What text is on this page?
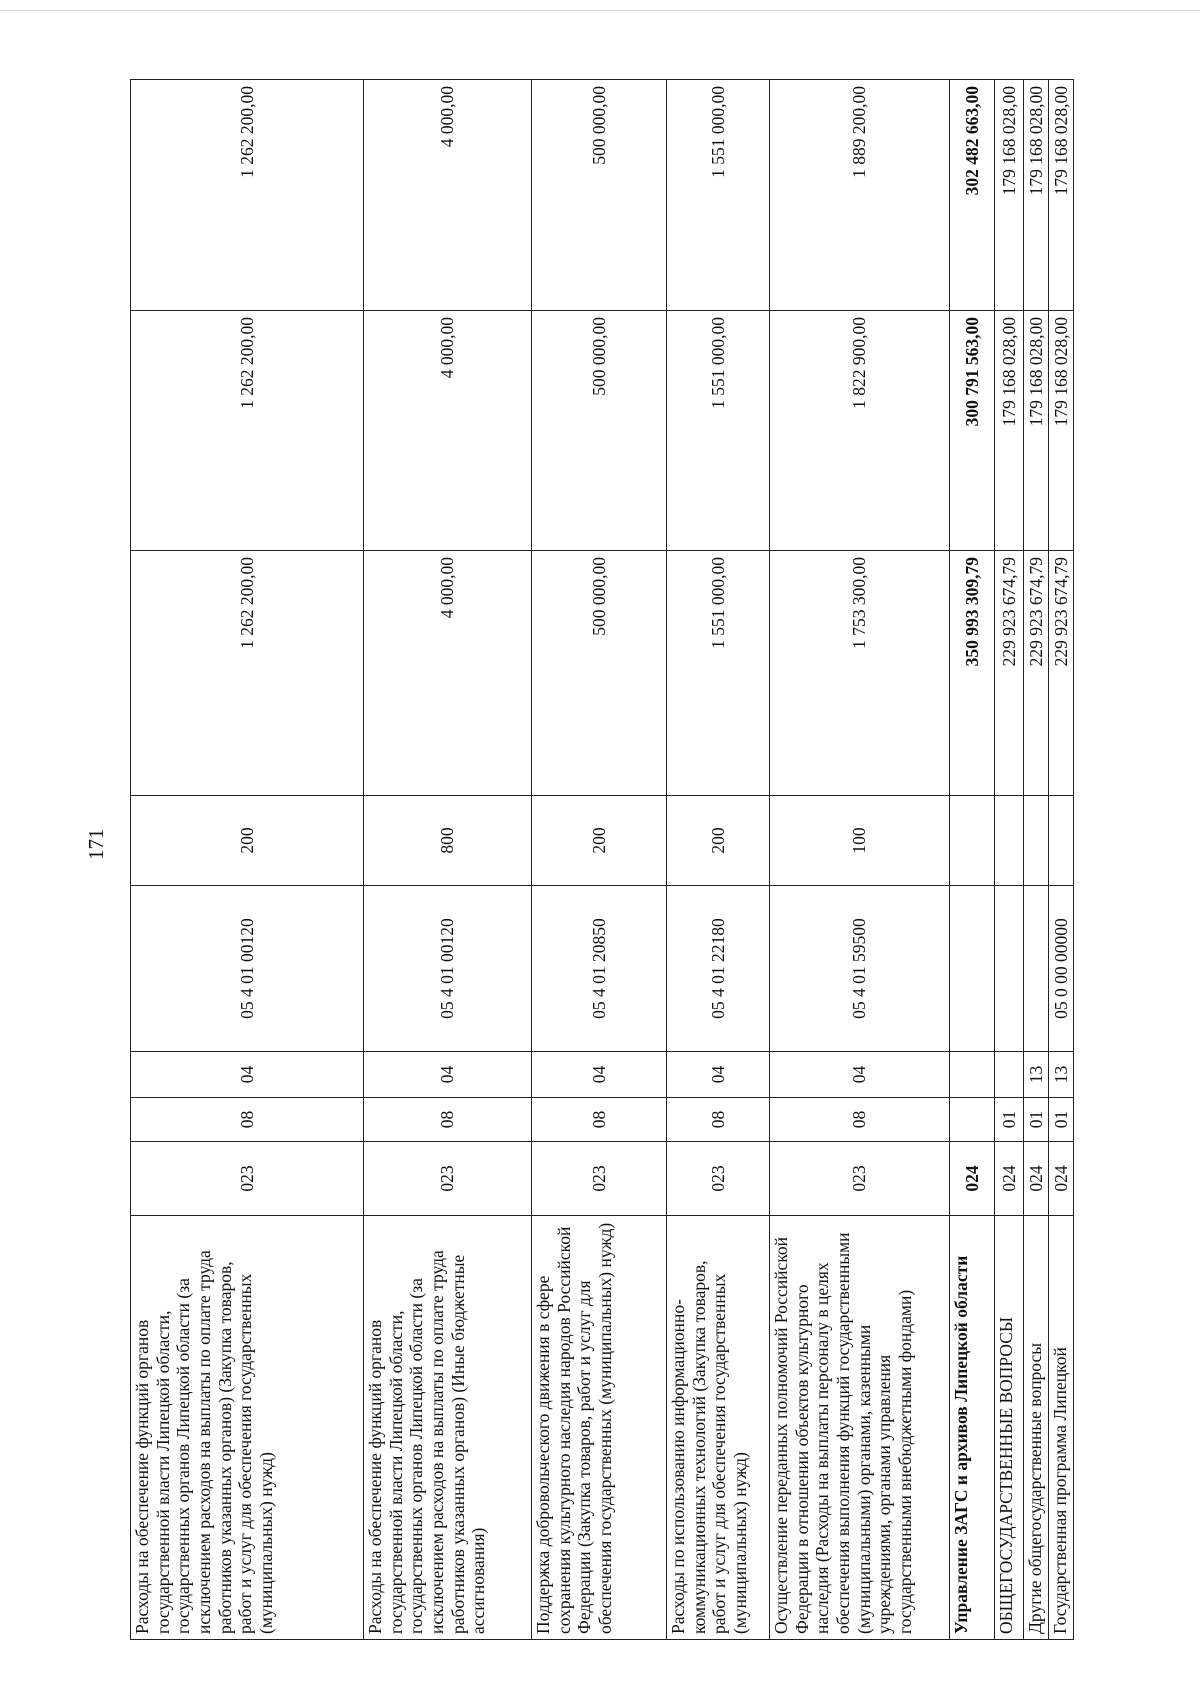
171
Расходы на обеспечение функций органов государственной власти Липецкой области, государственных органов Липецкой области (за исключением расходов на выплаты по оплате труда работников указанных органов) (Закупка товаров, работ и услуг для обеспечения государственных (муниципальных) нужд)	023	08	04	05 4 01 00120	200	1 262 200,00	1 262 200,00	1 262 200,00
Расходы на обеспечение функций органов государственной власти Липецкой области, государственных органов Липецкой области (за исключением расходов на выплаты по оплате труда работников указанных органов) (Иные бюджетные ассигнования)	023	08	04	05 4 01 00120	800	4 000,00	4 000,00	4 000,00
Поддержка добровольческого движения в сфере сохранения культурного наследия народов Российской Федерации (Закупка товаров, работ и услуг для обеспечения государственных (муниципальных) нужд)	023	08	04	05 4 01 20850	200	500 000,00	500 000,00	500 000,00
Расходы по использованию информационно-коммуникационных технологий (Закупка товаров, работ и услуг для обеспечения государственных (муниципальных) нужд)	023	08	04	05 4 01 22180	200	1 551 000,00	1 551 000,00	1 551 000,00
Осуществление переданных полномочий Российской Федерации в отношении объектов культурного наследия (Расходы на выплаты персоналу в целях обеспечения выполнения функций государственными (муниципальными) органами, казенными учреждениями, органами управления государственными внебюджетными фондами)	023	08	04	05 4 01 59500	100	1 753 300,00	1 822 900,00	1 889 200,00
Управление ЗАГС и архивов Липецкой области	024					350 993 309,79	300 791 563,00	302 482 663,00
ОБЩЕГОСУДАРСТВЕННЫЕ ВОПРОСЫ	024	01				229 923 674,79	179 168 028,00	179 168 028,00
Другие общегосударственные вопросы	024	01	13			229 923 674,79	179 168 028,00	179 168 028,00
Государственная программа Липецкой	024	01	13	05 0 00 00000		229 923 674,79	179 168 028,00	179 168 028,00
